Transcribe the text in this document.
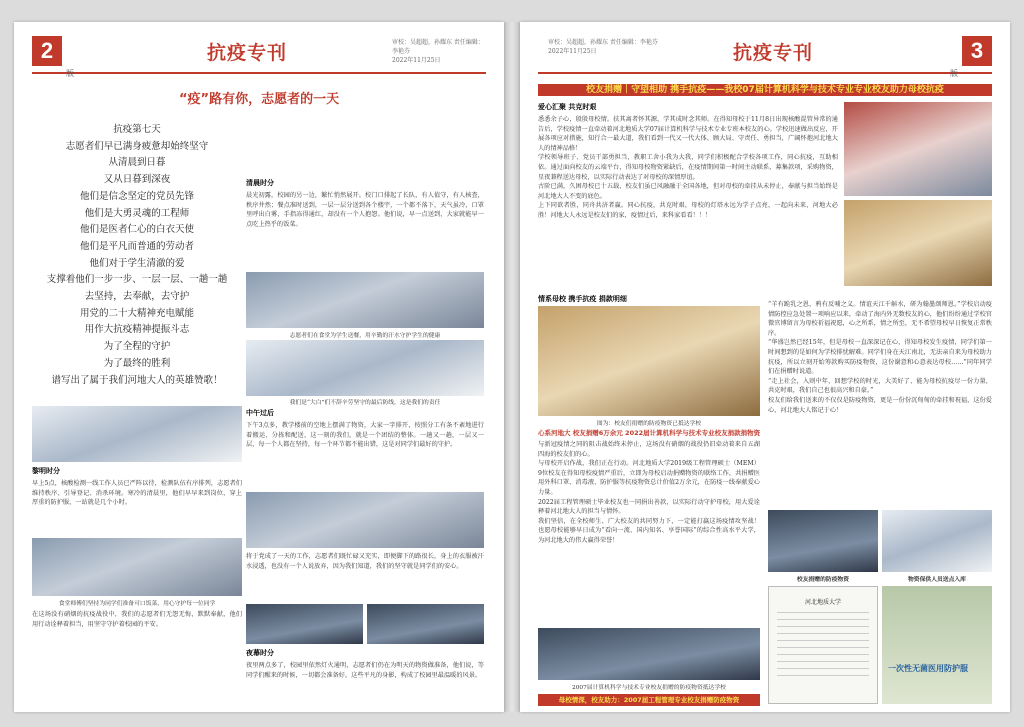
2
版
抗疫专刊	审校：吴超超，孙耀东 责任编辑：李艳芬
2022年11月25日
“疫”路有你，志愿者的一天
抗疫第七天
志愿者们早已满身疲惫却始终坚守
从清晨到日暮
又从日暮到深夜
他们是信念坚定的党员先锋
他们是大勇灵魂的工程师
他们是医者仁心的白衣天使
他们是平凡而普通的劳动者
他们对于学生清澈的爱
支撑着他们一步一步、一层一层、一趟一趟
去坚持，去奉献，去守护
用党的二十大精神充电赋能
用作大抗疫精神提振斗志
为了全程的守护
为了最终的胜利
谱写出了属于我们河地大人的英雄赞歌！
清晨时分
晨光初露，校园的另一边，繁忙悄然展开。校门口排起了长队，有人值守，有人核查，秩序井然；餐点准时送到，一层一层分送到各个楼宇，一个都不落下，天气虽冷，口罩里呼出白雾，手指冻得通红，却没有一个人抱怨。他们说，早一点送到，大家就能早一点吃上热乎的饭菜。
志愿者们在食堂为学生送餐，用辛勤的汗水守护学生的健康
我们是“大白”们不辞辛劳坚守的最后防线，这是我们的责任
中午过后
下午3点多，教学楼前的空地上摆满了物资，大家一字排开，按照分工有条不紊地进行着搬运、分拣和配送，这一刻的我们，就是一个团结的整体。一趟又一趟，一层又一层，每一个人都在坚持，每一个环节都不能出错，这是对同学们最好的守护。
将于党成了一天的工作，志愿者们既忙碌又充实，即便脚下的路很长，身上的衣服被汗水浸透，也没有一个人说放弃，因为我们知道，我们的坚守就是同学们的安心。
夜幕时分
夜里两点多了，校园里依然灯火通明，志愿者们仍在为明天的物资做准备，他们说，等同学们醒来的时候，一切都会准备好。这些平凡的身影，构成了校园里最温暖的风景。
黎明时分
早上5点，核酸检测一线工作人员已严阵以待，检测队伍有序排列，志愿者们维持秩序、引导登记、消杀环境。寒冷的清晨里，他们早早来到岗位，穿上厚重的防护服，一站就是几个小时。
食堂师傅们坚持为同学们准备可口饭菜，用心守护每一位同学
在这场没有硝烟的抗疫战役中，我们的志愿者们无怨无悔，默默奉献，他们用行动诠释着担当，用坚守守护着校园的平安。
审校：吴超超，孙耀东 责任编辑：李艳芬
2022年11月25日	抗疫专刊
版
3
校友捐赠｜守望相助 携手抗疫——我校07届计算机科学与技术专业专业校友助力母校抗疫
爱心汇聚 共克时艰
悉悉余子心，殷殷母校情。扶其离者怀其源，学其成时念其师。在得知母校于11月8日出现核酸混管异常的通告后，学校疫情一直牵动着河北地质大学07届计算机科学与技术专业专班本校友的心。学校迅速做出反应，开展各项应对措施，知行合一最大道，我们看到一代又一代大体、顾大局、守责任、勇担当，广阔怀抱河北地大人的情神品格！
学校领导班子、党员干部勇担当，教职工舍小我为大我，同学们积极配合学校各项工作，同心抗疫，互助相依。通过面向校友的云端平台，得知母校物资紧缺后，在疫情期间第一时间主动联系，募集款项，采购物资，星夜兼程送达母校，以实际行动表达了对母校的深情厚谊。
古阶已满，久困母校已十五载，校友们虽已风融融于全国各地，但对母校的牵挂从未停止，奉献与担当始终是河北地大人不变的底色。
上下同欲者胜，同舟共济者赢。同心抗疫，共克时艰，母校的灯塔永远为学子点亮，一起向未来，河地大必胜！河地大人永远是校友们的家，疫情过后，来科家看看！！！
情系母校 携手抗疫 捐款明细
图为：校友们捐赠的防疫物资已抵达学校
心系河地大 校友捐赠6万余元 2022届计算机科学与技术专业校友捐款捐物资
与新冠疫情之同的阻击战始终未停止，这场没有硝烟的战役仍旧牵动着来自五湖四海的校友们的心。
与母校开启作战，我们正在行动。河北地质大学2019级工程管理硕士（MEM）9位校友在得知母校疫情严重后，立即为母校启动捐赠物资的联络工作，共捐赠医用外科口罩、消毒液、防护服等抗疫物资总计价值2万余元，在防疫一线奉献爱心力量。
2022届工程管理硕士毕业校友也一同捐出善款，以实际行动守护母校，用大爱诠释着河北地大人的担当与情怀。
我们坚信，在全校师生、广大校友的共同努力下，一定能打赢这场疫情攻坚战！也愿母校能够早日成为“看向一流、国内知名、享誉国际”的综合性高水平大学，为河北地大的伟大赢得荣誉！
2007届计算机科学与技术专业校友捐赠的防疫物资抵达学校
母校情深，校友助力：2007届工程管理专业校友捐赠防疫物资
“羊有跪乳之恩，鸦有反哺之义。情谊天江千斛水，研为翰墨颂师恩。”学校启动疫情防控应急处置一项响应以来，牵动了海内外无数校友的心，他们纷纷通过学校官微官博留言为母校祈福祝愿，心之所系，情之所至，无不希望母校早日恢复正常秩序。
“华盛岂然已经15年，但是母校一直深深记在心，得知母校发生疫情，同学们第一时间想到的是如何为学校排忧解难。同学们身在天江南北，无法亲自来为母校助力抗疫，所以立刻开始筹款购买防疫物资，这份谢意和心意表达母校……”同年同学们在捐赠时说道。
“走上社会，入则中年，回想学校的时光，大美好了，能为母校抗疫尽一份力量，共克时艰，我们自己也很高兴和自豪。”
校友们给我们送来的不仅仅是防疫物资，更是一份份沉甸甸的牵挂和祝福，这份爱心，河北地大人铭记于心！
校友捐赠的防疫物资	物资保供人员送点入库
河北地质大学
一次性无菌医用防护服
